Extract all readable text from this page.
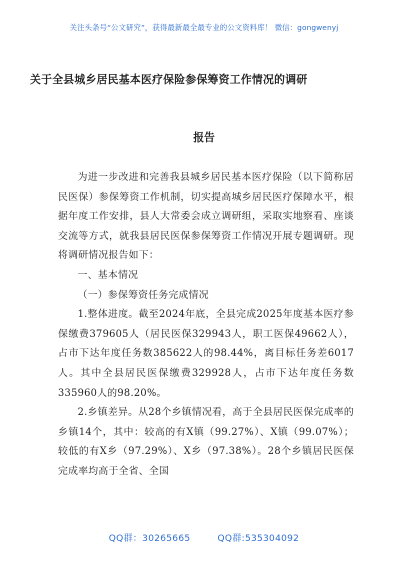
关注头条号“公文研究”，获得最新最全最专业的公文资料库！ 微信：gongwenyj
关于全县城乡居民基本医疗保险参保筹资工作情况的调研
报告

为进一步改进和完善我县城乡居民基本医疗保险（以下简称居民医保）参保筹资工作机制，切实提高城乡居民医疗保障水平，根据年度工作安排，县人大常委会成立调研组，采取实地察看、座谈交流等方式，就我县居民医保参保筹资工作情况开展专题调研。现将调研情况报告如下：

一、基本情况

（一）参保筹资任务完成情况

1.整体进度。截至2024年底，全县完成2025年度基本医疗参保缴费379605人（居民医保329943人，职工医保49662人），占市下达年度任务数385622人的98.44%，离目标任务差6017人。其中全县居民医保缴费329928人，占市下达年度任务数335960人的98.20%。

2.乡镇差异。从28个乡镇情况看，高于全县居民医保完成率的乡镇14个，其中：较高的有X镇（99.27%）、X镇（99.07%）；较低的有X乡（97.29%）、X乡（97.38%）。28个乡镇居民医保完成率均高于全省、全国

QQ群：30265665	QQ群:535304092
